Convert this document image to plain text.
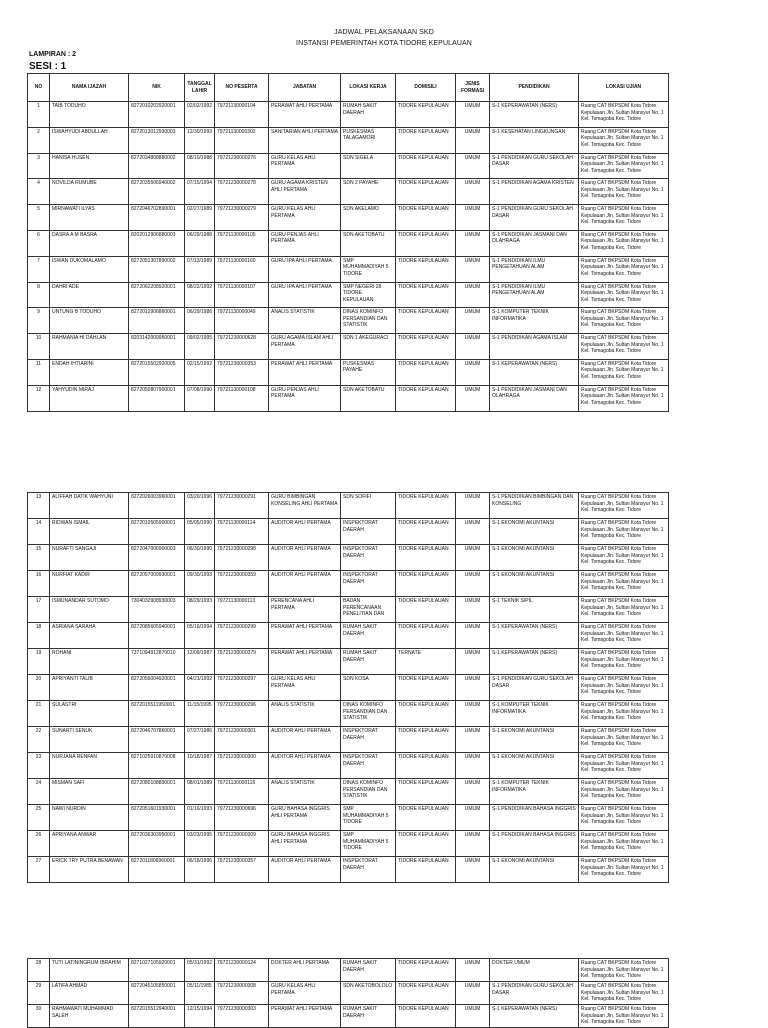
JADWAL PELAKSANAAN SKD
INSTANSI PEMERINTAH KOTA TIDORE KEPULAUAN
LAMPIRAN : 2
SESI : 1
NO	NAMA IJAZAH	NIK	TANGGAL LAHIR	NO PESERTA	JABATAN	LOKASI KERJA	DOMISILI	JENIS FORMASI	PENDIDIKAN	LOKASI UJIAN
1	TAIB TODUHO	8272010202920001	02/02/1992	79721130000104	PERAWAT AHLI PERTAMA	RUMAH SAKIT DAERAH	TIDORE KEPULAUAN	UMUM	S-1 KEPERAWATAN (NERS)	Ruang CAT BKPSDM Kota Tidore Kepulauan Jln. Sultan Mansyur No. 1 Kel. Tomagoba Kec. Tidore
2	ISWAHYUDI ABDULLAH	8272013012930003	12/30/1993	79721130000302	SANITARIAN AHLI PERTAMA	PUSKESMAS TALAGAMORI	TIDORE KEPULAUAN	UMUM	S-1 KESEHATAN LINGKUNGAN	Ruang CAT BKPSDM Kota Tidore Kepulauan Jln. Sultan Mansyur No. 1 Kel. Tomagoba Kec. Tidore
3	HANISA HUSEN	8272034808880002	08/10/1988	79721230000276	GURU KELAS AHLI PERTAMA	SDN SIGELA	TIDORE KEPULAUAN	UMUM	S-1 PENDIDIKAN GURU SEKOLAH DASAR	Ruang CAT BKPSDM Kota Tidore Kepulauan Jln. Sultan Mansyur No. 1 Kel. Tomagoba Kec. Tidore
4	NOVILDA RUMUBE	8272035506940002	07/15/1994	79721230000278	GURU AGAMA KRISTEN AHLI PERTAMA	SDN 2 PAYAHE	TIDORE KEPULAUAN	UMUM	S-1 PENDIDIKAN AGAMA KRISTEN	Ruang CAT BKPSDM Kota Tidore Kepulauan Jln. Sultan Mansyur No. 1 Kel. Tomagoba Kec. Tidore
5	MIRNAWATI ILYAS	8272046702890001	02/27/1989	79721230000279	GURU KELAS AHLI PERTAMA	SDN AKELAMO	TIDORE KEPULAUAN	UMUM	S-1 PENDIDIKAN GURU SEKOLAH DASAR	Ruang CAT BKPSDM Kota Tidore Kepulauan Jln. Sultan Mansyur No. 1 Kel. Tomagoba Kec. Tidore
6	DASRA A M BASRA	8202012906880003	06/29/1988	79721130000105	GURU PENJAS AHLI PERTAMA	SDN AKETOBATU	TIDORE KEPULAUAN	UMUM	S-1 PENDIDIKAN JASMANI DAN OLAHRAGA	Ruang CAT BKPSDM Kota Tidore Kepulauan Jln. Sultan Mansyur No. 1 Kel. Tomagoba Kec. Tidore
7	ISWAN DUKOMALAMO	8272051307890002	07/13/1989	79721130000160	GURU IPA AHLI PERTAMA	SMP MUHAMMADIYAH 5 TIDORE	TIDORE KEPULAUAN	UMUM	S-1 PENDIDIKAN ILMU PENGETAHUAN ALAM	Ruang CAT BKPSDM Kota Tidore Kepulauan Jln. Sultan Mansyur No. 1 Kel. Tomagoba Kec. Tidore
8	DAHRI ADE	8272062208920001	08/22/1992	79721130000107	GURU IPA AHLI PERTAMA	SMP NEGERI 28 TIDORE KEPULAUAN	TIDORE KEPULAUAN	UMUM	S-1 PENDIDIKAN ILMU PENGETAHUAN ALAM	Ruang CAT BKPSDM Kota Tidore Kepulauan Jln. Sultan Mansyur No. 1 Kel. Tomagoba Kec. Tidore
9	UNTUNG B TODUHO	8272012906860001	06/29/1986	79721130000049	ANALIS STATISTIK	DINAS KOMINFO PERSANDIAN DAN STATISTIK	TIDORE KEPULAUAN	UMUM	S-1 KOMPUTER TEKNIK INFORMATIKA	Ruang CAT BKPSDM Kota Tidore Kepulauan Jln. Sultan Mansyur No. 1 Kel. Tomagoba Kec. Tidore
10	RAHMANIA HI DAHLAN	8203142009950001	09/02/1995	79721230000628	GURU AGAMA ISLAM AHLI PERTAMA	SDN 1 AKEGURACI	TIDORE KEPULAUAN	UMUM	S-1 PENDIDIKAN AGAMA ISLAM	Ruang CAT BKPSDM Kota Tidore Kepulauan Jln. Sultan Mansyur No. 1 Kel. Tomagoba Kec. Tidore
11	ENDAH IHTIARINI	8272015502920005	02/15/1992	79721230000353	PERAWAT AHLI PERTAMA	PUSKESMAS PAYAHE	TIDORE KEPULAUAN	UMUM	S-1 KEPERAWATAN (NERS)	Ruang CAT BKPSDM Kota Tidore Kepulauan Jln. Sultan Mansyur No. 1 Kel. Tomagoba Kec. Tidore
12	YAHYUDIN MIRAJ	8272050807900001	07/08/1990	79721130000108	GURU PENJAS AHLI PERTAMA	SDN AKETOBATU	TIDORE KEPULAUAN	UMUM	S-1 PENDIDIKAN JASMANI DAN OLAHRAGA	Ruang CAT BKPSDM Kota Tidore Kepulauan Jln. Sultan Mansyur No. 1 Kel. Tomagoba Kec. Tidore
13	ALIFFAH DATIK WAHYUNI	8272026003960001	03/20/1996	79721230000291	GURU BIMBINGAN KONSELING AHLI PERTAMA	SDN SOFIFI	TIDORE KEPULAUAN	UMUM	S-1 PENDIDIKAN BIMBINGAN DAN KONSELING	Ruang CAT BKPSDM Kota Tidore Kepulauan Jln. Sultan Mansyur No. 1 Kel. Tomagoba Kec. Tidore
14	RIDWAN ISMAIL	8272010505900001	05/05/1990	79721130000114	AUDITOR AHLI PERTAMA	INSPEKTORAT DAERAH	TIDORE KEPULAUAN	UMUM	S-1 EKONOMI AKUNTANSI	Ruang CAT BKPSDM Kota Tidore Kepulauan Jln. Sultan Mansyur No. 1 Kel. Tomagoba Kec. Tidore
15	NURAFTI SANGAJI	8272047006900003	06/30/1990	79721230000298	AUDITOR AHLI PERTAMA	INSPEKTORAT DAERAH	TIDORE KEPULAUAN	UMUM	S-1 EKONOMI AKUNTANSI	Ruang CAT BKPSDM Kota Tidore Kepulauan Jln. Sultan Mansyur No. 1 Kel. Tomagoba Kec. Tidore
16	NURFIAT KADIR	8272057009930001	09/30/1993	79721230000359	AUDITOR AHLI PERTAMA	INSPEKTORAT DAERAH	TIDORE KEPULAUAN	UMUM	S-1 EKONOMI AKUNTANSI	Ruang CAT BKPSDM Kota Tidore Kepulauan Jln. Sultan Mansyur No. 1 Kel. Tomagoba Kec. Tidore
17	ISMUNANDAR SUTOMO	7304032908930003	08/29/1993	79721130000113	PERENCANA AHLI PERTAMA	BADAN PERENCANAAN PENELITIAN DAN	TIDORE KEPULAUAN	UMUM	S-1 TEKNIK SIPIL	Ruang CAT BKPSDM Kota Tidore Kepulauan Jln. Sultan Mansyur No. 1 Kel. Tomagoba Kec. Tidore
18	ASRIANA SARAHA	8272085605940001	05/16/1994	79721230000299	PERAWAT AHLI PERTAMA	RUMAH SAKIT DAERAH	TIDORE KEPULAUAN	UMUM	S-1 KEPERAWATAN (NERS)	Ruang CAT BKPSDM Kota Tidore Kepulauan Jln. Sultan Mansyur No. 1 Kel. Tomagoba Kec. Tidore
19	ROHANI	7371094912870010	12/09/1987	79721230000379	PERAWAT AHLI PERTAMA	RUMAH SAKIT DAERAH	TERNATE	UMUM	S-1 KEPERAWATAN (NERS)	Ruang CAT BKPSDM Kota Tidore Kepulauan Jln. Sultan Mansyur No. 1 Kel. Tomagoba Kec. Tidore
20	APRIYANTI TALIB	8272056004920001	04/21/1992	79721230000297	GURU KELAS AHLI PERTAMA	SDN KOSA	TIDORE KEPULAUAN	UMUM	S-1 PENDIDIKAN GURU SEKOLAH DASAR	Ruang CAT BKPSDM Kota Tidore Kepulauan Jln. Sultan Mansyur No. 1 Kel. Tomagoba Kec. Tidore
21	SULASTRI	8272015511950001	11/15/1995	79721230000296	ANALIS STATISTIK	DINAS KOMINFO PERSANDIAN DAN STATISTIK	TIDORE KEPULAUAN	UMUM	S-1 KOMPUTER TEKNIK INFORMATIKA	Ruang CAT BKPSDM Kota Tidore Kepulauan Jln. Sultan Mansyur No. 1 Kel. Tomagoba Kec. Tidore
22	SUNARTI SENUK	8272046707860001	07/27/1986	79721230000301	AUDITOR AHLI PERTAMA	INSPEKTORAT DAERAH	TIDORE KEPULAUAN	UMUM	S-1 EKONOMI AKUNTANSI	Ruang CAT BKPSDM Kota Tidore Kepulauan Jln. Sultan Mansyur No. 1 Kel. Tomagoba Kec. Tidore
23	NURJANA RENFAN	8271025910870008	10/18/1987	79721230000300	AUDITOR AHLI PERTAMA	INSPEKTORAT DAERAH	TIDORE KEPULAUAN	UMUM	S-1 EKONOMI AKUNTANSI	Ruang CAT BKPSDM Kota Tidore Kepulauan Jln. Sultan Mansyur No. 1 Kel. Tomagoba Kec. Tidore
24	MISMAN SAFI	8272080108890001	08/01/1989	79721130000116	ANALIS STATISTIK	DINAS KOMINFO PERSANDIAN DAN STATISTIK	TIDORE KEPULAUAN	UMUM	S-1 KOMPUTER TEKNIK INFORMATIKA	Ruang CAT BKPSDM Kota Tidore Kepulauan Jln. Sultan Mansyur No. 1 Kel. Tomagoba Kec. Tidore
25	NAWI NURDIN	8272051601930001	01/16/1993	79721230000696	GURU BAHASA INGGRIS AHLI PERTAMA	SMP MUHAMMADIYAH 5 TIDORE	TIDORE KEPULAUAN	UMUM	S-1 PENDIDIKAN BAHASA INGGRIS	Ruang CAT BKPSDM Kota Tidore Kepulauan Jln. Sultan Mansyur No. 1 Kel. Tomagoba Kec. Tidore
26	APRIYANA ANWAR	8272036303950001	03/23/1995	79721230000309	GURU BAHASA INGGRIS AHLI PERTAMA	SMP MUHAMMADIYAH 5 TIDORE	TIDORE KEPULAUAN	UMUM	S-1 PENDIDIKAN BAHASA INGGRIS	Ruang CAT BKPSDM Kota Tidore Kepulauan Jln. Sultan Mansyur No. 1 Kel. Tomagoba Kec. Tidore
27	ERICK TRY PUTRA BENAWAN	8272011806960001	06/18/1996	79721230000357	AUDITOR AHLI PERTAMA	INSPEKTORAT DAERAH	TIDORE KEPULAUAN	UMUM	S-1 EKONOMI AKUNTANSI	Ruang CAT BKPSDM Kota Tidore Kepulauan Jln. Sultan Mansyur No. 1 Kel. Tomagoba Kec. Tidore
28	TUTI LATININGRUM IBRAHIM	8271027105920001	05/31/1992	79721230000124	DOKTER AHLI PERTAMA	RUMAH SAKIT DAERAH	TIDORE KEPULAUAN	UMUM	DOKTER UMUM	Ruang CAT BKPSDM Kota Tidore Kepulauan Jln. Sultan Mansyur No. 1 Kel. Tomagoba Kec. Tidore
29	LATIFA AHMAD	8272045105850001	05/11/1985	79721230000308	GURU KELAS AHLI PERTAMA	SDN AKETOBOLOLO	TIDORE KEPULAUAN	UMUM	S-1 PENDIDIKAN GURU SEKOLAH DASAR	Ruang CAT BKPSDM Kota Tidore Kepulauan Jln. Sultan Mansyur No. 1 Kel. Tomagoba Kec. Tidore
30	RAHMAWATI MUHAMMAD SALEH	8272015512940001	12/15/1994	79721230000303	PERAWAT AHLI PERTAMA	RUMAH SAKIT DAERAH	TIDORE KEPULAUAN	UMUM	S-1 KEPERAWATAN (NERS)	Ruang CAT BKPSDM Kota Tidore Kepulauan Jln. Sultan Mansyur No. 1 Kel. Tomagoba Kec. Tidore
